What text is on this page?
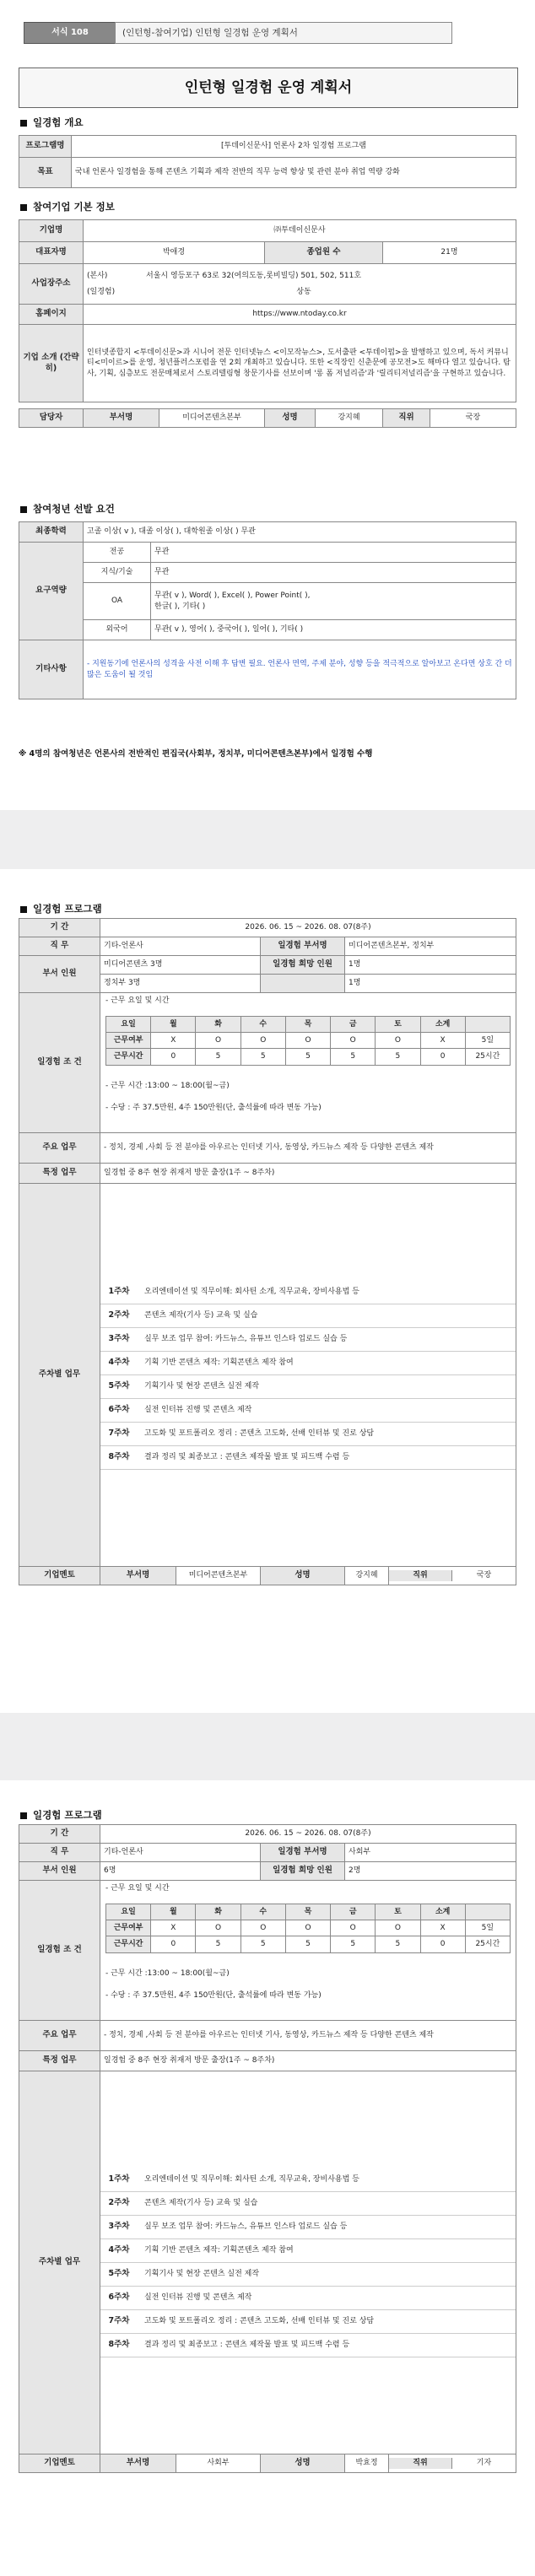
서식 108	(인턴형-참여기업) 인턴형 일경험 운영 계획서
인턴형 일경험 운영 계획서
일경험 개요
프로그램명	[투데이신문사] 언론사 2차 일경험 프로그램
목표	국내 언론사 일경험을 통해 콘텐츠 기획과 제작 전반의 직무 능력 향상 및 관련 분야 취업 역량 강화
참여기업 기본 정보
기업명	㈜투데이신문사					
대표자명	박애경		종업원 수		21명	
사업장주소	(본사) 서울시 영등포구 63로 32(여의도동,롯비빌딩) 501, 502, 511호
(일경험) 상동					

홈페이지	https://www.ntoday.co.kr					
기업 소개 (간략히)	인터넷종합지 <투데이신문>과 시니어 전문 인터넷뉴스 <이모작뉴스>, 도서출판 <투데이펍>을 발행하고 있으며, 독서 커뮤니티<미이르>를 운영, 청년플러스포럼을 연 2회 개최하고 있습니다. 또한 <직장인 신춘문예 공모전>도 해마다 열고 있습니다. 탐사, 기획, 심층보도 전문매체로서 스토리텔링형 창문기사를 선보이며 '롱 폼 저널리즘'과 '릴리티저널리즘'을 구현하고 있습니다.					

담당자	부서명	미디어콘텐츠본부	성명	강지혜	직위	국장
참여청년 선발 요건
최종학력	고졸 이상( v ), 대졸 이상( ), 대학원졸 이상( ) 무관	
요구역량	전공	무관
	지식/기술	무관
	OA	무관( v ), Word( ), Excel( ), Power Point( ),
한글( ), 기타( )

	외국어	무관( v ), 영어( ), 중국어( ), 일어( ), 기타( )
기타사항	- 지원동기에 언론사의 성격을 사전 이해 후 답변 필요. 언론사 면역, 주제 분야, 성향 등을 적극적으로 알아보고 온다면 상호 간 더 많은 도움이 될 것임	
※ 4명의 참여청년은 언론사의 전반적인 편집국(사회부, 정치부, 미디어콘텐츠본부)에서 일경험 수행
일경험 프로그램
기 간	2026. 06. 15 ~ 2026. 08. 07(8주)
직 무	기타-언론사	일경험 부서명	미디어콘텐츠본부, 정치부
부서 인원	미디어콘텐츠 3명	일경험 희망 인원	1명
정치부 3명		1명
일경험 조 건	
- 근무 요일 및 시간
요일	월	화	수	목	금	토	소계	
근무여부	X	O	O	O	O	O	X	5일
근무시간	0	5	5	5	5	5	0	25시간
- 근무 시간 :13:00 ~ 18:00(월~금)
- 수당 : 주 37.5만원, 4주 150만원(단, 출석률에 따라 변동 가능)

주요 업무	- 정치, 경제 ,사회 등 전 분야를 아우르는 인터넷 기사, 동영상, 카드뉴스 제작 등 다양한 콘텐츠 제작
특정 업무	일경험 중 8주 현장 취재저 방문 출장(1주 ~ 8주차)
주차별 업무	
1주차	오리엔테이션 및 직무이해: 회사틴 소개, 직무교육, 장비사용법 등
2주차	콘텐츠 제작(기사 등) 교육 및 실습
3주차	실무 보조 업무 참여: 카드뉴스, 유튜브 인스타 업로드 실습 등
4주차	기획 기반 콘텐츠 제작: 기획콘텐츠 제작 참여
5주차	기획기사 및 현장 콘텐츠 실전 제작
6주차	실전 인터뷰 진행 및 콘텐츠 제작
7주차	고도화 및 포트폴리오 정리 : 콘텐츠 고도화, 선배 인터뷰 및 진로 상담
8주차	결과 정리 및 최종보고 : 콘텐츠 제작물 발표 및 피드백 수렴 등

기업멘토	부서명	미디어콘텐츠본부	성명	강지혜	직위	국장
일경험 프로그램
기 간	2026. 06. 15 ~ 2026. 08. 07(8주)
직 무	기타-언론사	일경험 부서명	사회부
부서 인원	6명	일경험 희망 인원	2명
일경험 조 건	
- 근무 요일 및 시간
요일	월	화	수	목	금	토	소계	
근무여부	X	O	O	O	O	O	X	5일
근무시간	0	5	5	5	5	5	0	25시간
- 근무 시간 :13:00 ~ 18:00(월~금)
- 수당 : 주 37.5만원, 4주 150만원(단, 출석률에 따라 변동 가능)

주요 업무	- 정치, 경제 ,사회 등 전 분야를 아우르는 인터넷 기사, 동영상, 카드뉴스 제작 등 다양한 콘텐츠 제작
특정 업무	일경험 중 8주 현장 취재저 방문 출장(1주 ~ 8주차)
주차별 업무	
1주차	오리엔테이션 및 직무이해: 회사틴 소개, 직무교육, 장비사용법 등
2주차	콘텐츠 제작(기사 등) 교육 및 실습
3주차	실무 보조 업무 참여: 카드뉴스, 유튜브 인스타 업로드 실습 등
4주차	기획 기반 콘텐츠 제작: 기획콘텐츠 제작 참여
5주차	기획기사 및 현장 콘텐츠 실전 제작
6주차	실전 인터뷰 진행 및 콘텐츠 제작
7주차	고도화 및 포트폴리오 정리 : 콘텐츠 고도화, 선배 인터뷰 및 진로 상담
8주차	결과 정리 및 최종보고 : 콘텐츠 제작물 발표 및 피드백 수렴 등

기업멘토	부서명	사회부	성명	박효정	직위	기자
